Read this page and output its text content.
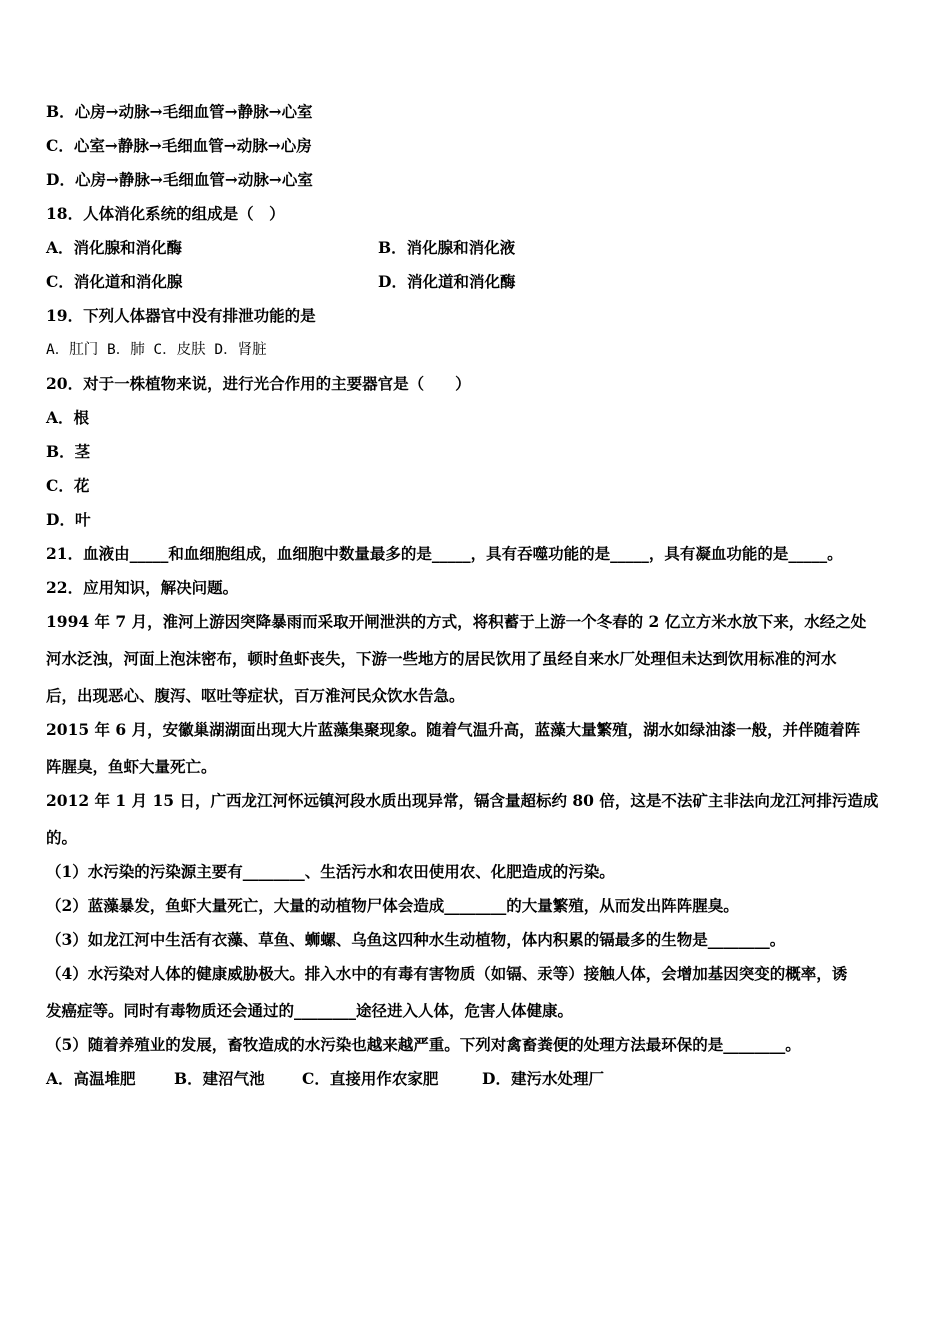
B．心房→动脉→毛细血管→静脉→心室
C．心室→静脉→毛细血管→动脉→心房
D．心房→静脉→毛细血管→动脉→心室
18．人体消化系统的组成是（　）
A．消化腺和消化酶	B．消化腺和消化液
C．消化道和消化腺	D．消化道和消化酶
19．下列人体器官中没有排泄功能的是
A．肛门 B．肺 C．皮肤 D．肾脏
20．对于一株植物来说，进行光合作用的主要器官是（　　）
A．根
B．茎
C．花
D．叶
21．血液由_____和血细胞组成，血细胞中数量最多的是_____，具有吞噬功能的是_____，具有凝血功能的是_____。
22．应用知识，解决问题。
1994 年 7 月，淮河上游因突降暴雨而采取开闸泄洪的方式，将积蓄于上游一个冬春的 2 亿立方米水放下来，水经之处
河水泛浊，河面上泡沫密布，顿时鱼虾丧失，下游一些地方的居民饮用了虽经自来水厂处理但未达到饮用标准的河水
后，出现恶心、腹泻、呕吐等症状，百万淮河民众饮水告急。
2015 年 6 月，安徽巢湖湖面出现大片蓝藻集聚现象。随着气温升高，蓝藻大量繁殖，湖水如绿油漆一般，并伴随着阵
阵腥臭，鱼虾大量死亡。
2012 年 1 月 15 日，广西龙江河怀远镇河段水质出现异常，镉含量超标约 80 倍，这是不法矿主非法向龙江河排污造成
的。
（1）水污染的污染源主要有________、生活污水和农田使用农、化肥造成的污染。
（2）蓝藻暴发，鱼虾大量死亡，大量的动植物尸体会造成________的大量繁殖，从而发出阵阵腥臭。
（3）如龙江河中生活有衣藻、草鱼、蛳螺、乌鱼这四种水生动植物，体内积累的镉最多的生物是________。
（4）水污染对人体的健康威胁极大。排入水中的有毒有害物质（如镉、汞等）接触人体，会增加基因突变的概率，诱
发癌症等。同时有毒物质还会通过的________途径进入人体，危害人体健康。
（5）随着养殖业的发展，畜牧造成的水污染也越来越严重。下列对禽畜粪便的处理方法最环保的是________。
A．高温堆肥 B．建沼气池 C．直接用作农家肥	D．建污水处理厂
